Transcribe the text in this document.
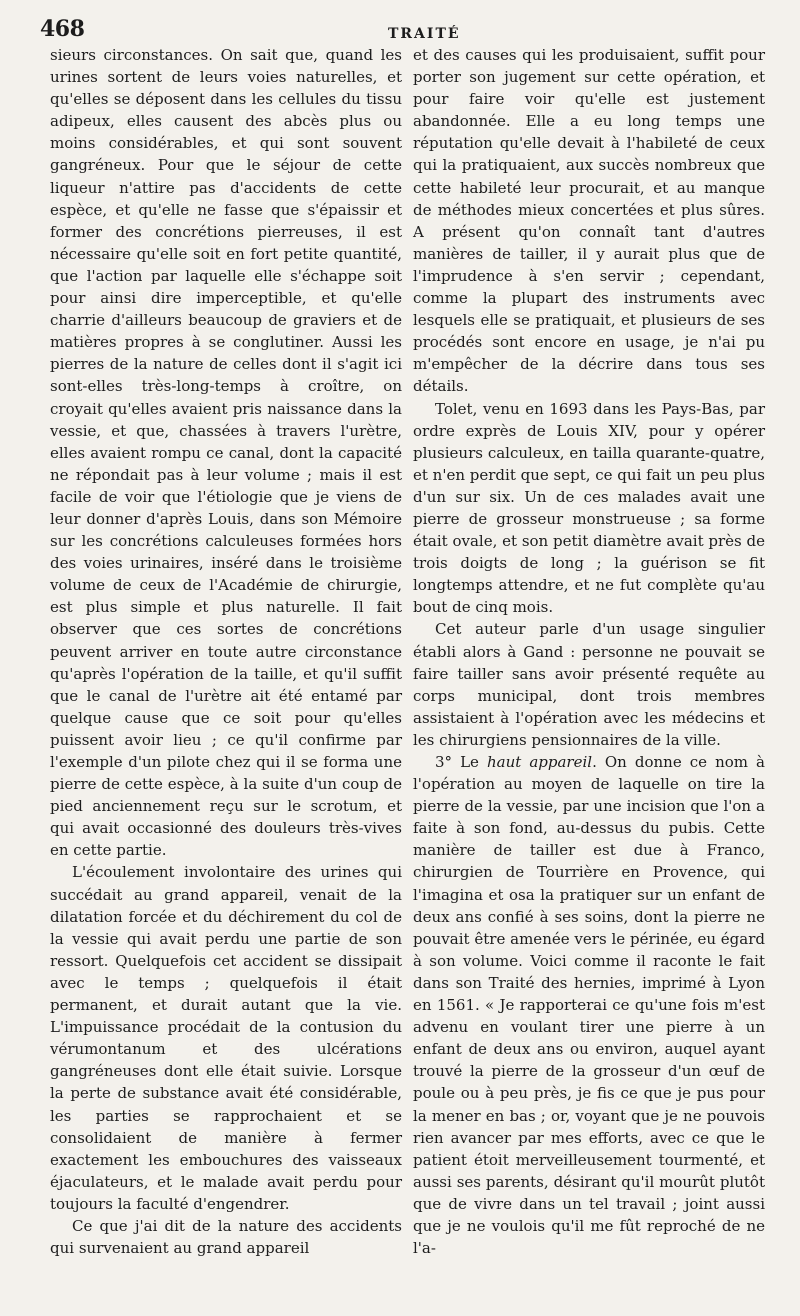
468	TRAITÉ

sieurs circonstances. On sait que, quand les urines sortent de leurs voies naturelles, et qu'elles se déposent dans les cellules du tissu adipeux, elles causent des abcès plus ou moins considérables, et qui sont souvent gangréneux. Pour que le séjour de cette liqueur n'attire pas d'accidents de cette espèce, et qu'elle ne fasse que s'épaissir et former des concrétions pierreuses, il est nécessaire qu'elle soit en fort petite quantité, que l'action par laquelle elle s'échappe soit pour ainsi dire imperceptible, et qu'elle charrie d'ailleurs beaucoup de graviers et de matières propres à se conglutiner. Aussi les pierres de la nature de celles dont il s'agit ici sont-elles très-long-temps à croître, on croyait qu'elles avaient pris naissance dans la vessie, et que, chassées à travers l'urètre, elles avaient rompu ce canal, dont la capacité ne répondait pas à leur volume ; mais il est facile de voir que l'étiologie que je viens de leur donner d'après Louis, dans son Mémoire sur les concrétions calculeuses formées hors des voies urinaires, inséré dans le troisième volume de ceux de l'Académie de chirurgie, est plus simple et plus naturelle. Il fait observer que ces sortes de concrétions peuvent arriver en toute autre circonstance qu'après l'opération de la taille, et qu'il suffit que le canal de l'urètre ait été entamé par quelque cause que ce soit pour qu'elles puissent avoir lieu ; ce qu'il confirme par l'exemple d'un pilote chez qui il se forma une pierre de cette espèce, à la suite d'un coup de pied anciennement reçu sur le scrotum, et qui avait occasionné des douleurs très-vives en cette partie.

L'écoulement involontaire des urines qui succédait au grand appareil, venait de la dilatation forcée et du déchirement du col de la vessie qui avait perdu une partie de son ressort. Quelquefois cet accident se dissipait avec le temps ; quelquefois il était permanent, et durait autant que la vie. L'impuissance procédait de la contusion du vérumontanum et des ulcérations gangréneuses dont elle était suivie. Lorsque la perte de substance avait été considérable, les parties se rapprochaient et se consolidaient de manière à fermer exactement les embouchures des vaisseaux éjaculateurs, et le malade avait perdu pour toujours la faculté d'engendrer.

Ce que j'ai dit de la nature des accidents qui survenaient au grand appareil

et des causes qui les produisaient, suffit pour porter son jugement sur cette opération, et pour faire voir qu'elle est justement abandonnée. Elle a eu long temps une réputation qu'elle devait à l'habileté de ceux qui la pratiquaient, aux succès nombreux que cette habileté leur procurait, et au manque de méthodes mieux concertées et plus sûres. A présent qu'on connaît tant d'autres manières de tailler, il y aurait plus que de l'imprudence à s'en servir ; cependant, comme la plupart des instruments avec lesquels elle se pratiquait, et plusieurs de ses procédés sont encore en usage, je n'ai pu m'empêcher de la décrire dans tous ses détails.

Tolet, venu en 1693 dans les Pays-Bas, par ordre exprès de Louis XIV, pour y opérer plusieurs calculeux, en tailla quarante-quatre, et n'en perdit que sept, ce qui fait un peu plus d'un sur six. Un de ces malades avait une pierre de grosseur monstrueuse ; sa forme était ovale, et son petit diamètre avait près de trois doigts de long ; la guérison se fit longtemps attendre, et ne fut complète qu'au bout de cinq mois.

Cet auteur parle d'un usage singulier établi alors à Gand : personne ne pouvait se faire tailler sans avoir présenté requête au corps municipal, dont trois membres assistaient à l'opération avec les médecins et les chirurgiens pensionnaires de la ville.

3° Le haut appareil. On donne ce nom à l'opération au moyen de laquelle on tire la pierre de la vessie, par une incision que l'on a faite à son fond, au-dessus du pubis. Cette manière de tailler est due à Franco, chirurgien de Tourrière en Provence, qui l'imagina et osa la pratiquer sur un enfant de deux ans confié à ses soins, dont la pierre ne pouvait être amenée vers le périnée, eu égard à son volume. Voici comme il raconte le fait dans son Traité des hernies, imprimé à Lyon en 1561. « Je rapporterai ce qu'une fois m'est advenu en voulant tirer une pierre à un enfant de deux ans ou environ, auquel ayant trouvé la pierre de la grosseur d'un œuf de poule ou à peu près, je fis ce que je pus pour la mener en bas ; or, voyant que je ne pouvois rien avancer par mes efforts, avec ce que le patient étoit merveilleusement tourmenté, et aussi ses parents, désirant qu'il mourût plutôt que de vivre dans un tel travail ; joint aussi que je ne voulois qu'il me fût reproché de ne l'a-
